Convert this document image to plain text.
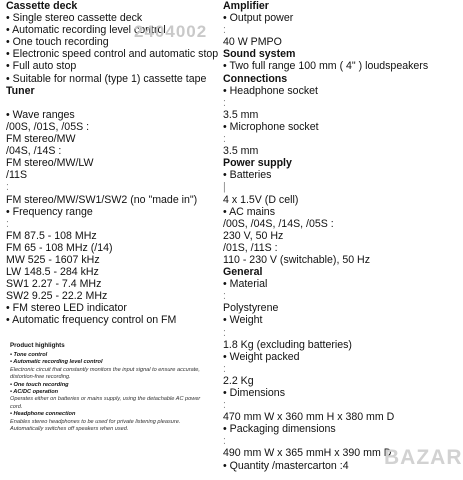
Cassette deck
• Single stereo cassette deck
• Automatic recording level control
• One touch recording
• Electronic speed control and automatic stop
• Full auto stop
• Suitable for normal (type 1) cassette tape
Tuner
• Wave ranges
/00S, /01S, /05S :
FM stereo/MW
/04S, /14S :
FM stereo/MW/LW
/11S
:
FM stereo/MW/SW1/SW2 (no "made in")
• Frequency range
:
FM 87.5 - 108 MHz
FM 65 - 108 MHz (/14)
MW 525 - 1607 kHz
LW 148.5 - 284 kHz
SW1 2.27 - 7.4 MHz
SW2 9.25 - 22.2 MHz
• FM stereo LED indicator
• Automatic frequency control on FM
Amplifier
• Output power
:
40 W PMPO
Sound system
• Two full range 100 mm ( 4" ) loudspeakers
Connections
• Headphone socket
:
3.5 mm
• Microphone socket
:
3.5 mm
Power supply
• Batteries
|
4 x 1.5V (D cell)
• AC mains
/00S, /04S, /14S, /05S :
230 V, 50 Hz
/01S, /11S :
110 - 230 V (switchable), 50 Hz
General
• Material
:
Polystyrene
• Weight
:
1.8 Kg (excluding batteries)
• Weight packed
:
2.2 Kg
• Dimensions
:
470 mm W x 360 mm H x 380 mm D
• Packaging dimensions
:
490 mm W x 365 mmH x 390 mm D
• Quantity /mastercarton :4
Product highlights
• Tone control
• Automatic recording level control
Electronic circuit that constantly monitors the input signal to ensure accurate,
distortion-free recording.
• One touch recording
• AC/DC operation
Operates either on batteries or mains supply, using the detachable AC power
cord.
• Headphone connection
Enables stereo headphones to be used for private listening pleasure.
Automatically switches off speakers when used.
2404002
BAZAR
